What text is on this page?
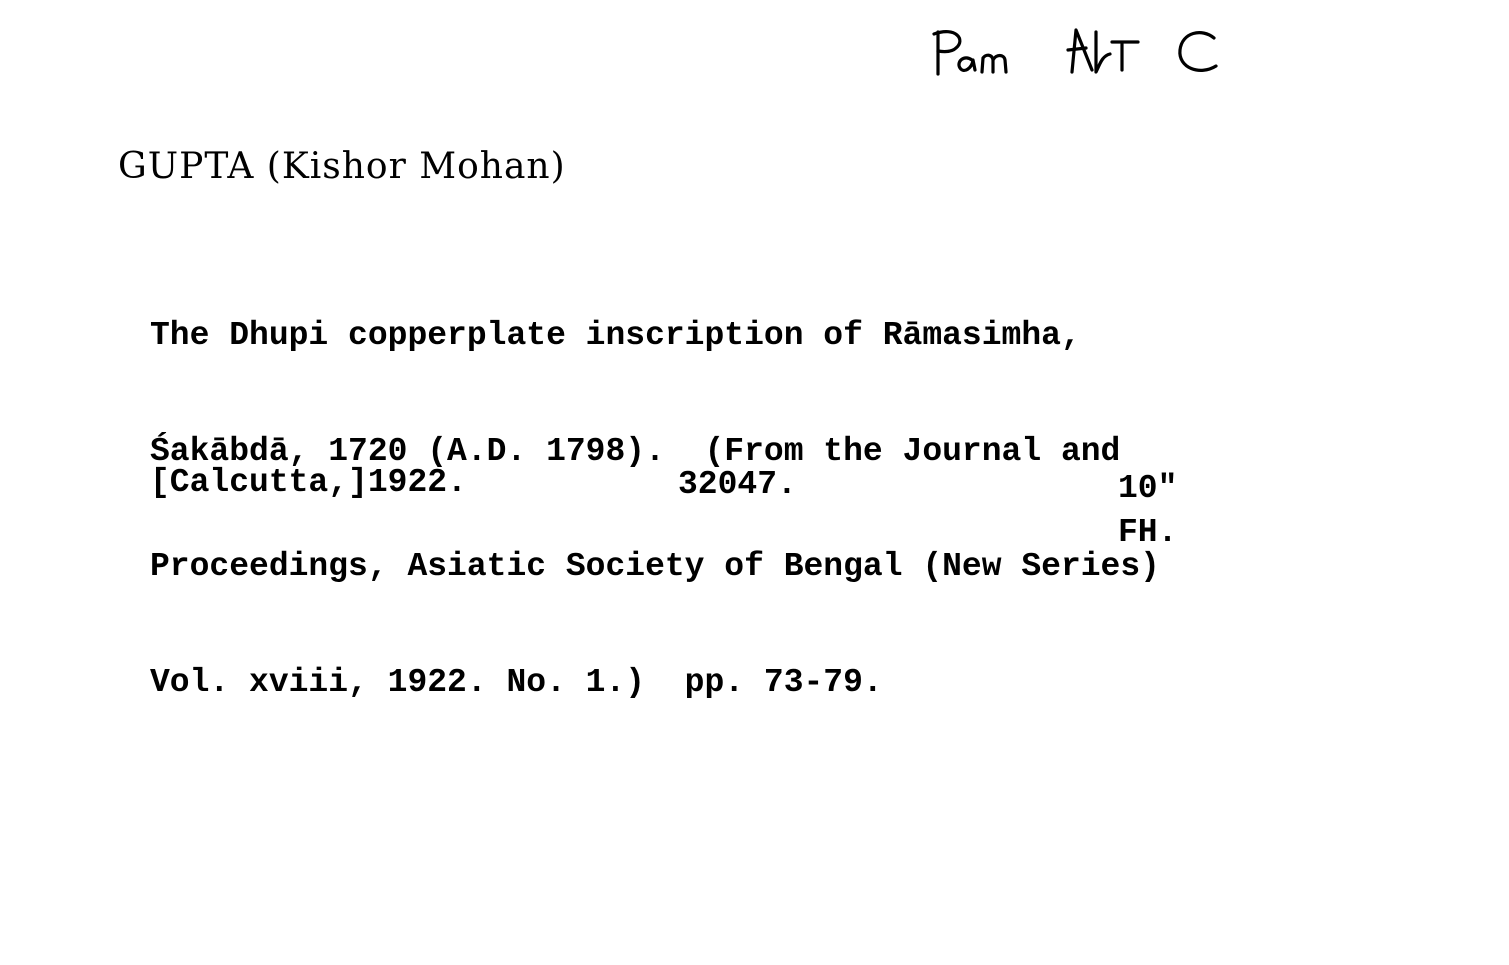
GUPTA (Kishor Mohan)

The Dhupi copperplate inscription of Rāmasimha,

Śakābdā, 1720 (A.D. 1798).  (From the Journal and

Proceedings, Asiatic Society of Bengal (New Series)

Vol. xviii, 1922. No. 1.)  pp. 73-79.

[Calcutta,]1922.	32047.	10"
FH.
